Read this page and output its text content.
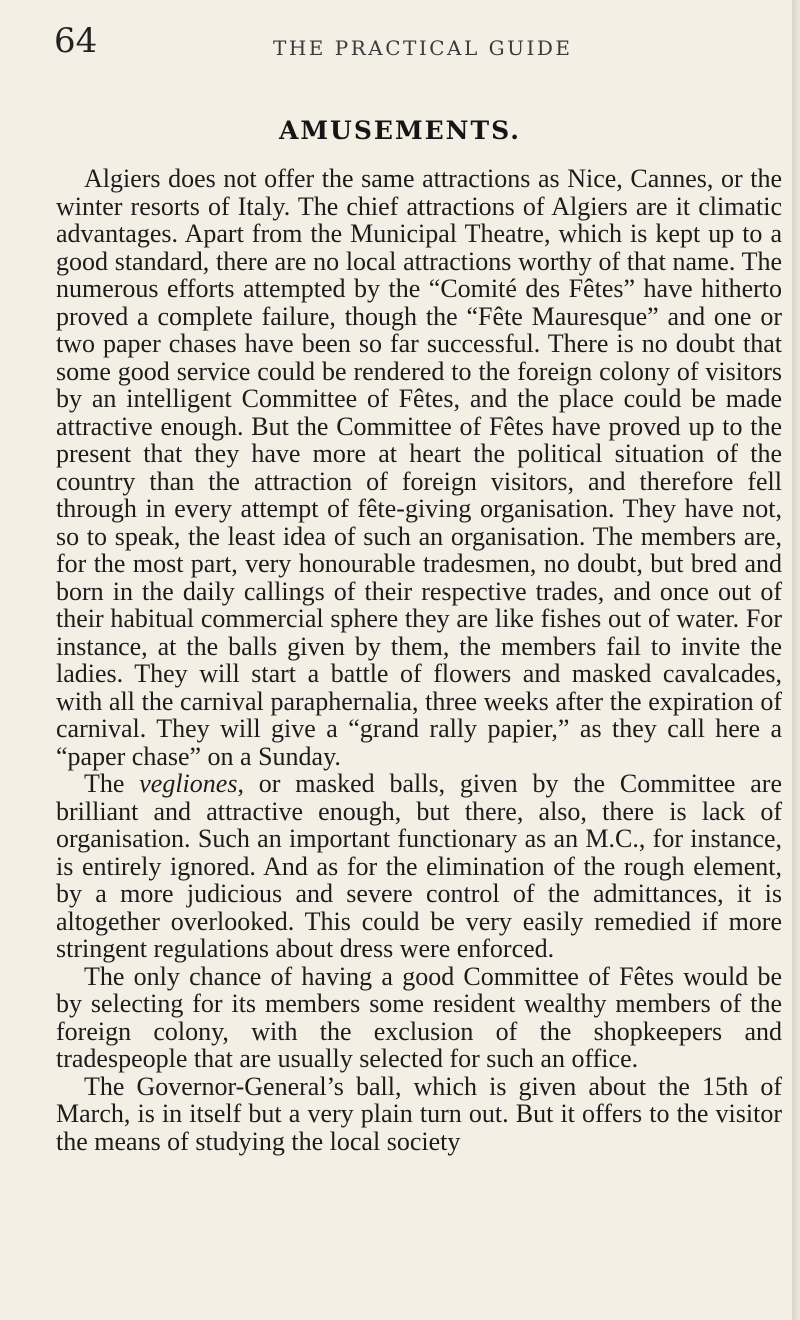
64	THE PRACTICAL GUIDE
AMUSEMENTS.

Algiers does not offer the same attractions as Nice, Cannes, or the winter resorts of Italy. The chief attractions of Algiers are it climatic advantages. Apart from the Municipal Theatre, which is kept up to a good standard, there are no local attractions worthy of that name. The numerous efforts attempted by the “Comité des Fêtes” have hitherto proved a complete failure, though the “Fête Mauresque” and one or two paper chases have been so far successful. There is no doubt that some good service could be rendered to the foreign colony of visitors by an intelligent Committee of Fêtes, and the place could be made attractive enough. But the Committee of Fêtes have proved up to the present that they have more at heart the political situation of the country than the attraction of foreign visitors, and therefore fell through in every attempt of fête-giving organisation. They have not, so to speak, the least idea of such an organisation. The members are, for the most part, very honourable tradesmen, no doubt, but bred and born in the daily callings of their respective trades, and once out of their habitual commercial sphere they are like fishes out of water. For instance, at the balls given by them, the members fail to invite the ladies. They will start a battle of flowers and masked cavalcades, with all the carnival paraphernalia, three weeks after the expiration of carnival. They will give a “grand rally papier,” as they call here a “paper chase” on a Sunday.

The vegliones, or masked balls, given by the Committee are brilliant and attractive enough, but there, also, there is lack of organisation. Such an important functionary as an M.C., for instance, is entirely ignored. And as for the elimination of the rough element, by a more judicious and severe control of the admittances, it is altogether overlooked. This could be very easily remedied if more stringent regulations about dress were enforced.

The only chance of having a good Committee of Fêtes would be by selecting for its members some resident wealthy members of the foreign colony, with the exclusion of the shopkeepers and tradespeople that are usually selected for such an office.

The Governor-General’s ball, which is given about the 15th of March, is in itself but a very plain turn out. But it offers to the visitor the means of studying the local society
